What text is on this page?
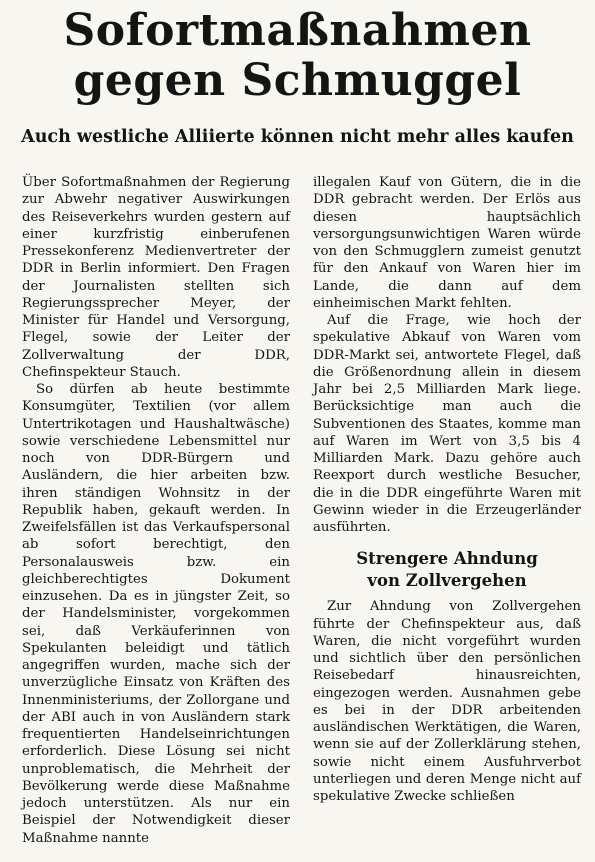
Sofortmaßnahmen
gegen Schmuggel
Auch westliche Alliierte können nicht mehr alles kaufen

Über Sofortmaßnahmen der Regierung zur Abwehr negativer Auswirkungen des Reiseverkehrs wurden gestern auf einer kurzfristig einberufenen Pressekonferenz Medienvertreter der DDR in Berlin informiert. Den Fragen der Journalisten stellten sich Regierungssprecher Meyer, der Minister für Handel und Versorgung, Flegel, sowie der Leiter der Zollverwaltung der DDR, Chefinspekteur Stauch.

So dürfen ab heute bestimmte Konsumgüter, Textilien (vor allem Untertrikotagen und Haushaltwäsche) sowie verschiedene Lebensmittel nur noch von DDR-Bürgern und Ausländern, die hier arbeiten bzw. ihren ständigen Wohnsitz in der Republik haben, gekauft werden. In Zweifelsfällen ist das Verkaufspersonal ab sofort berechtigt, den Personalausweis bzw. ein gleichberechtigtes Dokument einzusehen. Da es in jüngster Zeit, so der Handelsminister, vorgekommen sei, daß Verkäuferinnen von Spekulanten beleidigt und tätlich angegriffen wurden, mache sich der unverzügliche Einsatz von Kräften des Innenministeriums, der Zollorgane und der ABI auch in von Ausländern stark frequentierten Handelseinrichtungen erforderlich. Diese Lösung sei nicht unproblematisch, die Mehrheit der Bevölkerung werde diese Maßnahme jedoch unterstützen. Als nur ein Beispiel der Notwendigkeit dieser Maßnahme nannte

illegalen Kauf von Gütern, die in die DDR gebracht werden. Der Erlös aus diesen hauptsächlich versorgungsunwichtigen Waren würde von den Schmugglern zumeist genutzt für den Ankauf von Waren hier im Lande, die dann auf dem einheimischen Markt fehlten.

Auf die Frage, wie hoch der spekulative Abkauf von Waren vom DDR-Markt sei, antwortete Flegel, daß die Größenordnung allein in diesem Jahr bei 2,5 Milliarden Mark liege. Berücksichtige man auch die Subventionen des Staates, komme man auf Waren im Wert von 3,5 bis 4 Milliarden Mark. Dazu gehöre auch Reexport durch westliche Besucher, die in die DDR eingeführte Waren mit Gewinn wieder in die Erzeugerländer ausführten.

Strengere Ahndung
von Zollvergehen

Zur Ahndung von Zollvergehen führte der Chefinspekteur aus, daß Waren, die nicht vorgeführt wurden und sichtlich über den persönlichen Reisebedarf hinausreichten, eingezogen werden. Ausnahmen gebe es bei in der DDR arbeitenden ausländischen Werktätigen, die Waren, wenn sie auf der Zollerklärung stehen, sowie nicht einem Ausfuhrverbot unterliegen und deren Menge nicht auf spekulative Zwecke schließen
